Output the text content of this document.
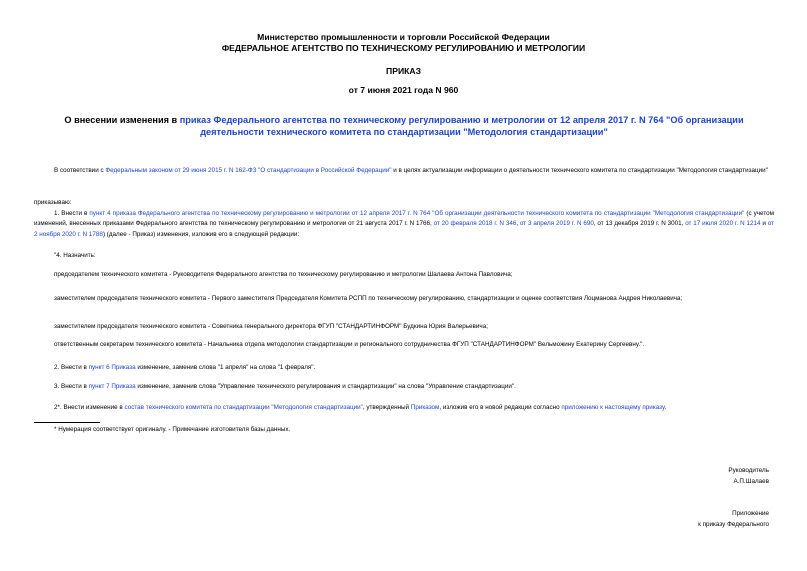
Министерство промышленности и торговли Российской Федерации
ФЕДЕРАЛЬНОЕ АГЕНТСТВО ПО ТЕХНИЧЕСКОМУ РЕГУЛИРОВАНИЮ И МЕТРОЛОГИИ
ПРИКАЗ
от 7 июня 2021 года N 960
О внесении изменения в приказ Федерального агентства по техническому регулированию и метрологии от 12 апреля 2017 г. N 764 "Об организации деятельности технического комитета по стандартизации "Методология стандартизации"
В соответствии с Федеральным законом от 29 июня 2015 г. N 162-ФЗ "О стандартизации в Российской Федерации" и в целях актуализации информации о деятельности технического комитета по стандартизации "Методология стандартизации"
приказываю:
1. Внести в пункт 4 приказа Федерального агентства по техническому регулированию и метрологии от 12 апреля 2017 г. N 764 "Об организации деятельности технического комитета по стандартизации "Методология стандартизации" (с учетом изменений, внесенных приказами Федерального агентства по техническому регулированию и метрологии от 21 августа 2017 г. N 1766, от 20 февраля 2018 г. N 346, от 3 апреля 2019 г. N 690, от 13 декабря 2019 г. N 3001, от 17 июля 2020 г. N 1214 и от 2 ноября 2020 г. N 1788) (далее - Приказ) изменения, изложив его в следующей редакции:
"4. Назначить:
председателем технического комитета - Руководителя Федерального агентства по техническому регулированию и метрологии Шалаева Антона Павловича;
заместителем председателя технического комитета - Первого заместителя Председателя Комитета РСПП по техническому регулированию, стандартизации и оценке соответствия Лоцманова Андрея Николаевича;
заместителем председателя технического комитета - Советника генерального директора ФГУП "СТАНДАРТИНФОРМ" Будкина Юрия Валерьевича;
ответственным секретарем технического комитета - Начальника отдела методологии стандартизации и регионального сотрудничества ФГУП "СТАНДАРТИНФОРМ" Вельможину Екатерину Сергеевну.".
2. Внести в пункт 6 Приказа изменение, заменив слова "1 апреля" на слова "1 февраля".
3. Внести в пункт 7 Приказа изменение, заменив слова "Управление технического регулирования и стандартизации" на слова "Управление стандартизации".
2*. Внести изменение в состав технического комитета по стандартизации "Методология стандартизации", утвержденный Приказом, изложив его в новой редакции согласно приложению к настоящему приказу.
* Нумерация соответствует оригиналу. - Примечание изготовителя базы данных.
Руководитель
А.П.Шалаев
Приложение
к приказу Федерального
